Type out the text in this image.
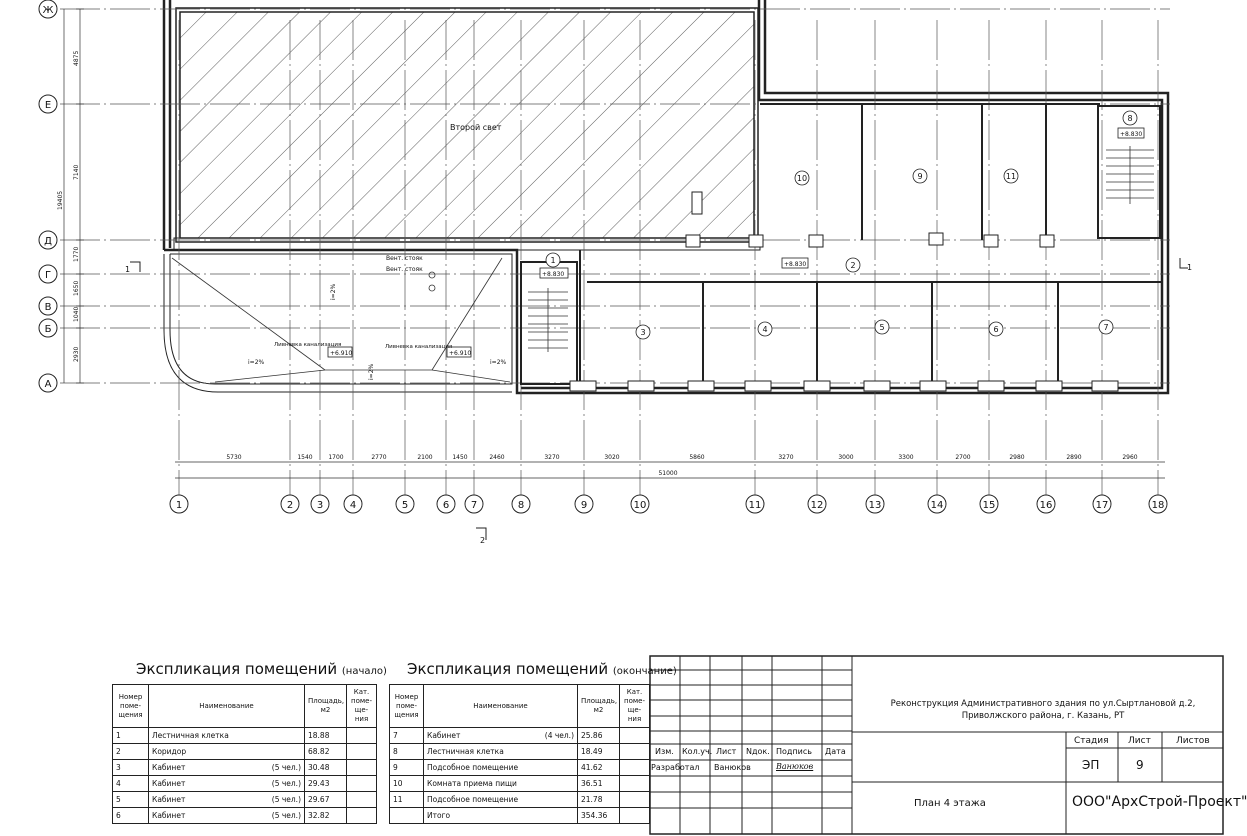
4875
7140
19405
1770
1650
1040
2930
Ж
Е
Д
Г
В
Б
А
5730	1540	1700	2770	2100	1450	2460	3270	3020	5860	3270	3000	3300	2700	2980	2890	2960
51000
1	2 3	4	5	6 7	8	9	10	11	12	13	14	15	16	17	18
1
2
3	4	5	6	7
8
9
10	11
+8.830
+8.830
+8.830
+6.910	+6.910
i=2%	i=2%
i=2%
i=2%
Вент. стояк
Вент. стояк
Ливневка канализация	Ливневка канализация
Второй свет
1	1
2
Экспликация помещений (начало) Экспликация помещений (окончание)
Номер поме-щения	Наименование	Площадь, м2	Кат. поме-ще-ния
1	Лестничная клетка	18.88	
2	Коридор	68.82	
3	Кабинет (5 чел.)	30.48	
4	Кабинет (5 чел.)	29.43	
5	Кабинет (5 чел.)	29.67	
6	Кабинет (5 чел.)	32.82	
Номер поме-щения	Наименование	Площадь, м2	Кат. поме-ще-ния
7	Кабинет (4 чел.)	25.86	
8	Лестничная клетка	18.49	
9	Подсобное помещение	41.62	
10	Комната приема пищи	36.51	
11	Подсобное помещение	21.78	
	Итого	354.36	
Изм. Кол.уч. Лист Nдок. Подпись Дата
Разработал Ванюков	Ванюков
Реконструкция Административного здания по ул.Сыртлановой д.2,
Приволжского района, г. Казань, РТ
Стадия Лист	Листов
ЭП	9
План 4 этажа	ООО"АрхСтрой-Проект"
